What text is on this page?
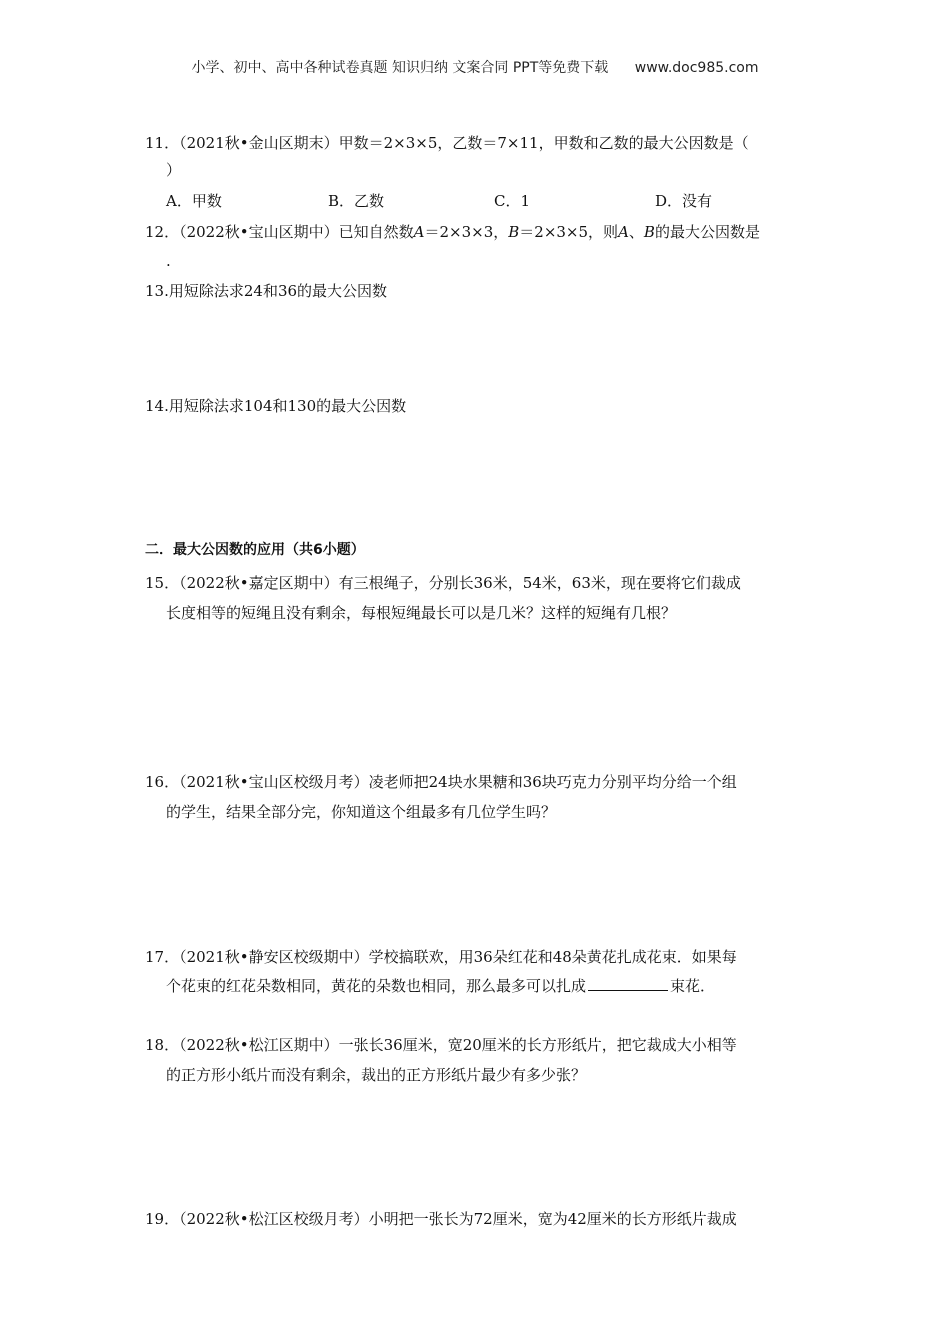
小学、初中、高中各种试卷真题 知识归纳 文案合同 PPT等免费下载 www.doc985.com
11．（2021秋•金山区期末）甲数＝2×3×5，乙数＝7×11，甲数和乙数的最大公因数是（
）
A．甲数	B．乙数	C．1	D．没有
12．（2022秋•宝山区期中）已知自然数A＝2×3×3，B＝2×3×5，则A、B的最大公因数是
.
13.用短除法求24和36的最大公因数
14.用短除法求104和130的最大公因数
二．最大公因数的应用（共6小题）
15．（2022秋•嘉定区期中）有三根绳子，分别长36米，54米，63米，现在要将它们裁成
长度相等的短绳且没有剩余，每根短绳最长可以是几米？这样的短绳有几根？
16．（2021秋•宝山区校级月考）凌老师把24块水果糖和36块巧克力分别平均分给一个组
的学生，结果全部分完，你知道这个组最多有几位学生吗？
17．（2021秋•静安区校级期中）学校搞联欢，用36朵红花和48朵黄花扎成花束．如果每
个花束的红花朵数相同，黄花的朵数也相同，那么最多可以扎成	束花．
18．（2022秋•松江区期中）一张长36厘米，宽20厘米的长方形纸片，把它裁成大小相等
的正方形小纸片而没有剩余，裁出的正方形纸片最少有多少张？
19．（2022秋•松江区校级月考）小明把一张长为72厘米，宽为42厘米的长方形纸片裁成
